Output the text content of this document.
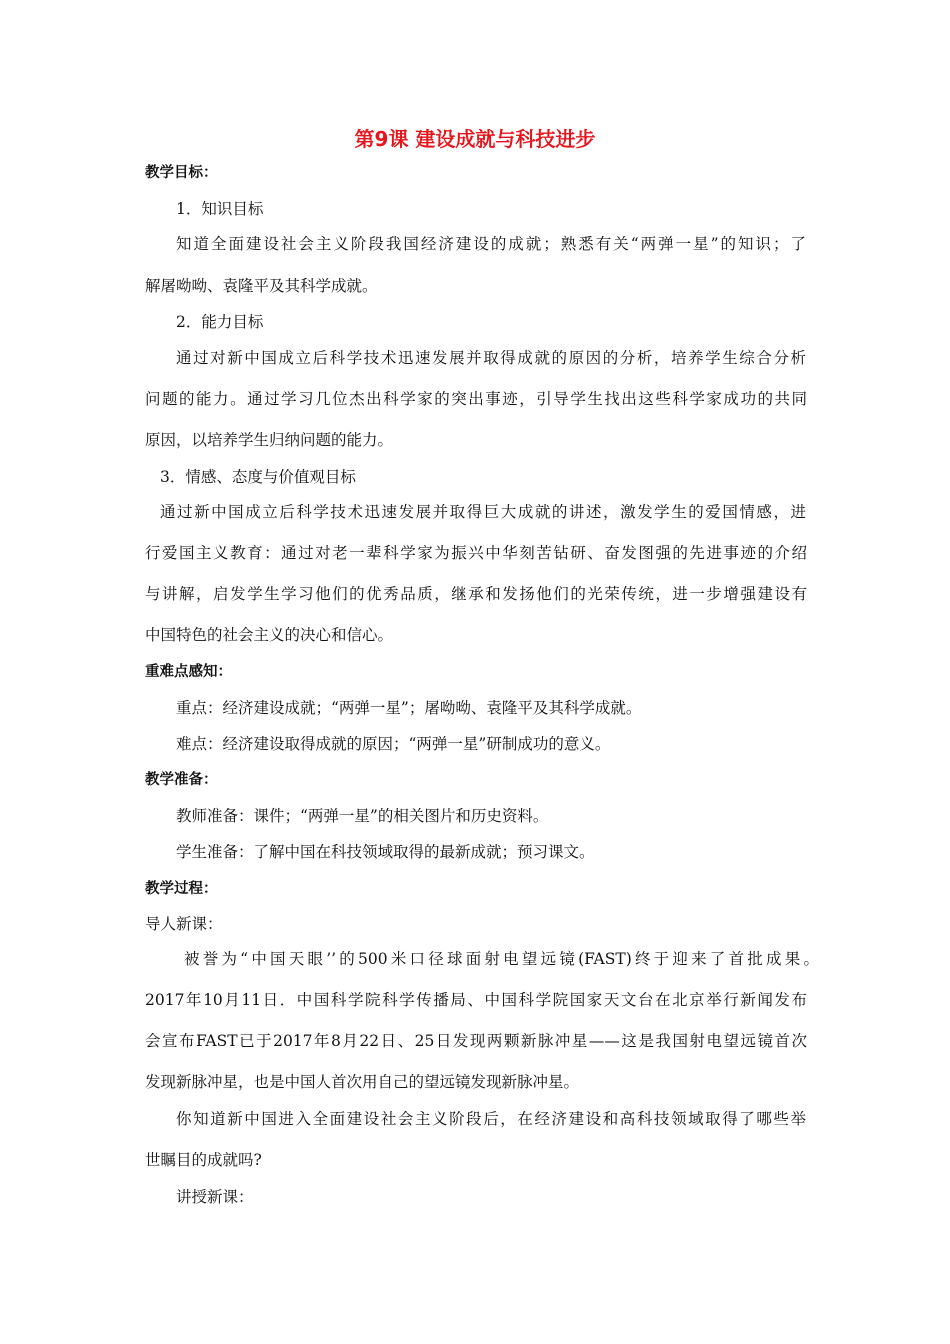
第9课 建设成就与科技进步
教学目标：
1．知识目标
知道全面建设社会主义阶段我国经济建设的成就；熟悉有关“两弹一星”的知识；了
解屠呦呦、袁隆平及其科学成就。
2．能力目标
通过对新中国成立后科学技术迅速发展并取得成就的原因的分析，培养学生综合分析
问题的能力。通过学习几位杰出科学家的突出事迹，引导学生找出这些科学家成功的共同
原因，以培养学生归纳问题的能力。
3．情感、态度与价值观目标
通过新中国成立后科学技术迅速发展并取得巨大成就的讲述，激发学生的爱国情感，进
行爱国主义教育：通过对老一辈科学家为振兴中华刻苦钻研、奋发图强的先进事迹的介绍
与讲解，启发学生学习他们的优秀品质，继承和发扬他们的光荣传统，进一步增强建设有
中国特色的社会主义的决心和信心。
重难点感知：
重点：经济建设成就；“两弹一星”；屠呦呦、袁隆平及其科学成就。
难点：经济建设取得成就的原因；“两弹一星”研制成功的意义。
教学准备：
教师准备：课件；“两弹一星”的相关图片和历史资料。
学生准备：了解中国在科技领域取得的最新成就；预习课文。
教学过程：
导人新课：
被誉为“中国天眼’’的500米口径球面射电望远镜(FAST)终于迎来了首批成果。
2017年10月11日．中国科学院科学传播局、中国科学院国家天文台在北京举行新闻发布
会宣布FAST已于2017年8月22日、25日发现两颗新脉冲星——这是我国射电望远镜首次
发现新脉冲星，也是中国人首次用自己的望远镜发现新脉冲星。
你知道新中国进入全面建设社会主义阶段后，在经济建设和高科技领域取得了哪些举
世瞩目的成就吗?
讲授新课：
